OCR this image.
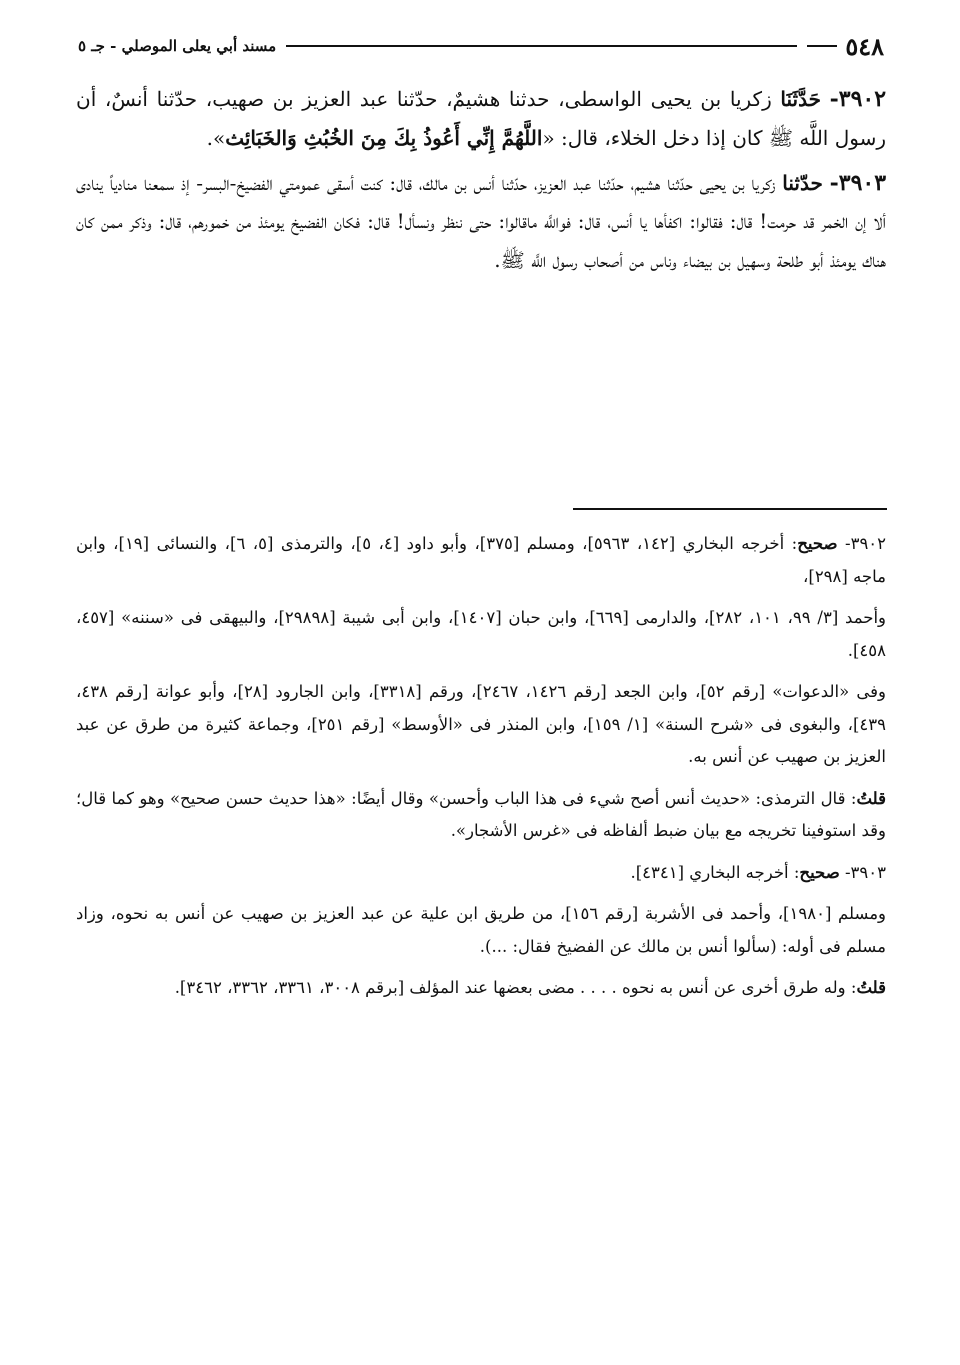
٥٤٨
مسند أبي يعلى الموصلي - جـ ٥

٣٩٠٢- حَدَّثَنَا زكريا بن يحيى الواسطى، حدثنا هشيمٌ، حدّثنا عبد العزيز بن صهيب، حدّثنا أنسٌ، أن رسول اللَّه ﷺ كان إذا دخل الخلاء، قال: «اللَّهُمَّ إِنِّي أَعُوذُ بِكَ مِنَ الخُبُثِ وَالخَبَائِث».

٣٩٠٣- حدّثنا زكريا بن يحيى حدّثنا هشيم، حدّثنا عبد العزيز، حدّثنا أنس بن مالك، قال: كنت أسقى عمومتي الفضيخ-البسر- إذ سمعنا منادياً ينادى ألا إن الخمر قد حرمت! قال: فقالوا: اكفأها يا أنس، قال: فواللَّه ماقالوا: حتى ننظر ونسأل! قال: فكان الفضيخ يومئذ من خمورهم، قال: وذكر ممن كان هناك يومئذ أبو طلحة وسهيل بن بيضاء وناس من أصحاب رسول اللَّه ﷺ.

٣٩٠٢- صحيح: أخرجه البخاري [١٤٢، ٥٩٦٣]، ومسلم [٣٧٥]، وأبو داود [٤، ٥]، والترمذى [٥، ٦]، والنسائى [١٩]، وابن ماجه [٢٩٨]،

وأحمد [٣/ ٩٩، ١٠١، ٢٨٢]، والدارمى [٦٦٩]، وابن حبان [١٤٠٧]، وابن أبى شيبة [٢٩٨٩٨]، والبيهقى فى «سننه» [٤٥٧، ٤٥٨].

وفى «الدعوات» [رقم ٥٢]، وابن الجعد [رقم ١٤٢٦، ٢٤٦٧]، ورقم [٣٣١٨]، وابن الجارود [٢٨]، وأبو عوانة [رقم ٤٣٨، ٤٣٩]، والبغوى فى «شرح السنة» [١/ ١٥٩]، وابن المنذر فى «الأوسط» [رقم ٢٥١]، وجماعة كثيرة من طرق عن عبد العزيز بن صهيب عن أنس به.

قلتُ: قال الترمذى: «حديث أنس أصح شيء فى هذا الباب وأحسن» وقال أيضًا: «هذا حديث حسن صحيح» وهو كما قال؛ وقد استوفينا تخريجه مع بيان ضبط ألفاظه فى «غرس الأشجار».

٣٩٠٣- صحيح: أخرجه البخاري [٤٣٤١].

ومسلم [١٩٨٠]، وأحمد فى الأشربة [رقم ١٥٦]، من طريق ابن علية عن عبد العزيز بن صهيب عن أنس به نحوه، وزاد مسلم فى أوله: (سألوا أنس بن مالك عن الفضيخ فقال: ...).

قلتُ: وله طرق أخرى عن أنس به نحوه . . . . مضى بعضها عند المؤلف [برقم ٣٠٠٨، ٣٣٦١، ٣٣٦٢، ٣٤٦٢].
